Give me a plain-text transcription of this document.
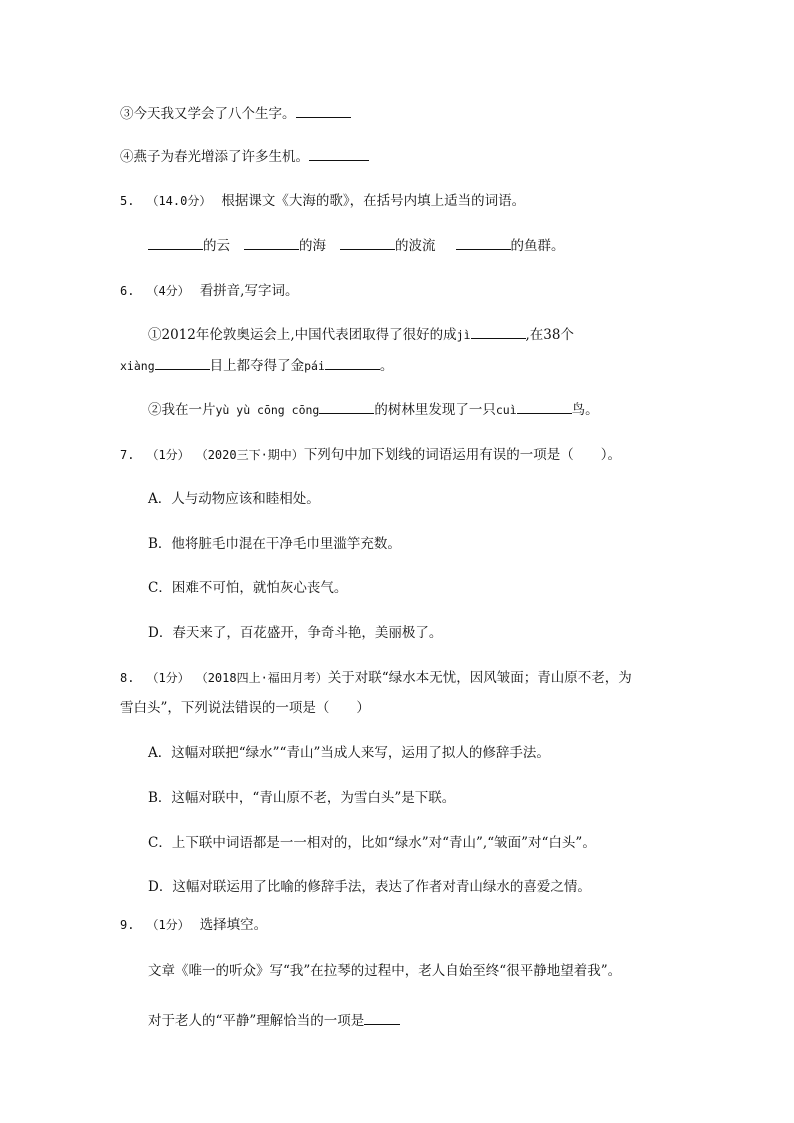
③今天我又学会了八个生字。
④燕子为春光增添了许多生机。
5. （14.0分） 根据课文《大海的歌》，在括号内填上适当的词语。
的云	的海	的波流	的鱼群。
6. （4分） 看拼音,写字词。
①2012年伦敦奥运会上,中国代表团取得了很好的成jì	,在38个
xiàng	目上都夺得了金pái	。
②我在一片yù yù cōng cōng	的树林里发现了一只cuì	鸟。
7. （1分） （2020三下·期中）下列句中加下划线的词语运用有误的一项是（　　）。
A．人与动物应该和睦相处。
B．他将脏毛巾混在干净毛巾里滥竽充数。
C．困难不可怕，就怕灰心丧气。
D．春天来了，百花盛开，争奇斗艳，美丽极了。
8. （1分） （2018四上·福田月考）关于对联“绿水本无忧，因风皱面；青山原不老，为
雪白头”，下列说法错误的一项是（　　）
A．这幅对联把“绿水”“青山”当成人来写，运用了拟人的修辞手法。
B．这幅对联中，“青山原不老，为雪白头”是下联。
C．上下联中词语都是一一相对的，比如“绿水”对“青山”,“皱面”对“白头”。
D．这幅对联运用了比喻的修辞手法，表达了作者对青山绿水的喜爱之情。
9. （1分） 选择填空。
文章《唯一的听众》写“我”在拉琴的过程中，老人自始至终“很平静地望着我”。
对于老人的“平静”理解恰当的一项是
